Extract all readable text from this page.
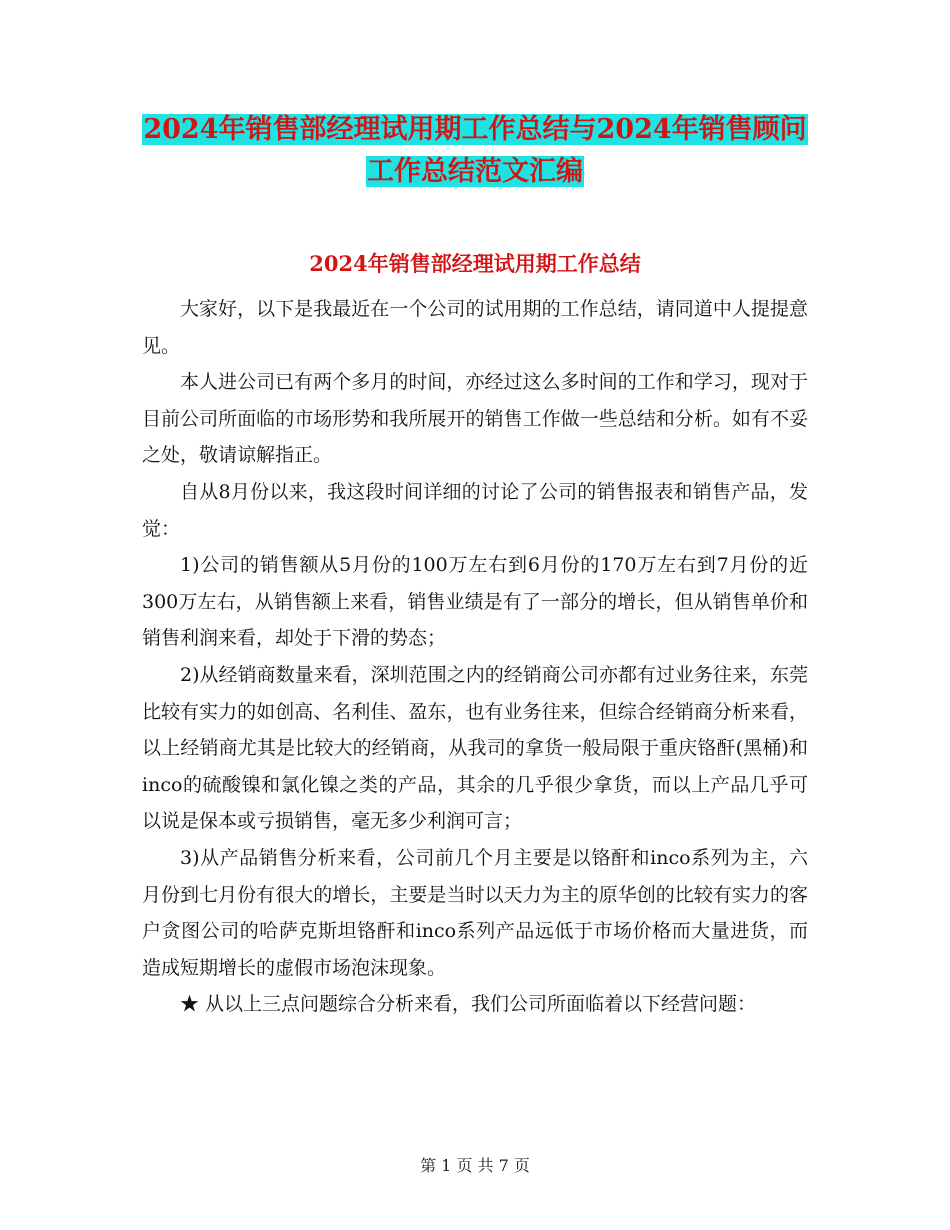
2024年销售部经理试用期工作总结与2024年销售顾问
工作总结范文汇编
2024年销售部经理试用期工作总结

大家好，以下是我最近在一个公司的试用期的工作总结，请同道中人提提意见。

本人进公司已有两个多月的时间，亦经过这么多时间的工作和学习，现对于目前公司所面临的市场形势和我所展开的销售工作做一些总结和分析。如有不妥之处，敬请谅解指正。

自从8月份以来，我这段时间详细的讨论了公司的销售报表和销售产品，发觉：

1)公司的销售额从5月份的100万左右到6月份的170万左右到7月份的近300万左右，从销售额上来看，销售业绩是有了一部分的增长，但从销售单价和销售利润来看，却处于下滑的势态；

2)从经销商数量来看，深圳范围之内的经销商公司亦都有过业务往来，东莞比较有实力的如创高、名利佳、盈东，也有业务往来，但综合经销商分析来看，以上经销商尤其是比较大的经销商，从我司的拿货一般局限于重庆铬酐(黑桶)和inco的硫酸镍和氯化镍之类的产品，其余的几乎很少拿货，而以上产品几乎可以说是保本或亏损销售，毫无多少利润可言；

3)从产品销售分析来看，公司前几个月主要是以铬酐和inco系列为主，六月份到七月份有很大的增长，主要是当时以天力为主的原华创的比较有实力的客户贪图公司的哈萨克斯坦铬酐和inco系列产品远低于市场价格而大量进货，而造成短期增长的虚假市场泡沫现象。

★ 从以上三点问题综合分析来看，我们公司所面临着以下经营问题：

第 1 页 共 7 页
